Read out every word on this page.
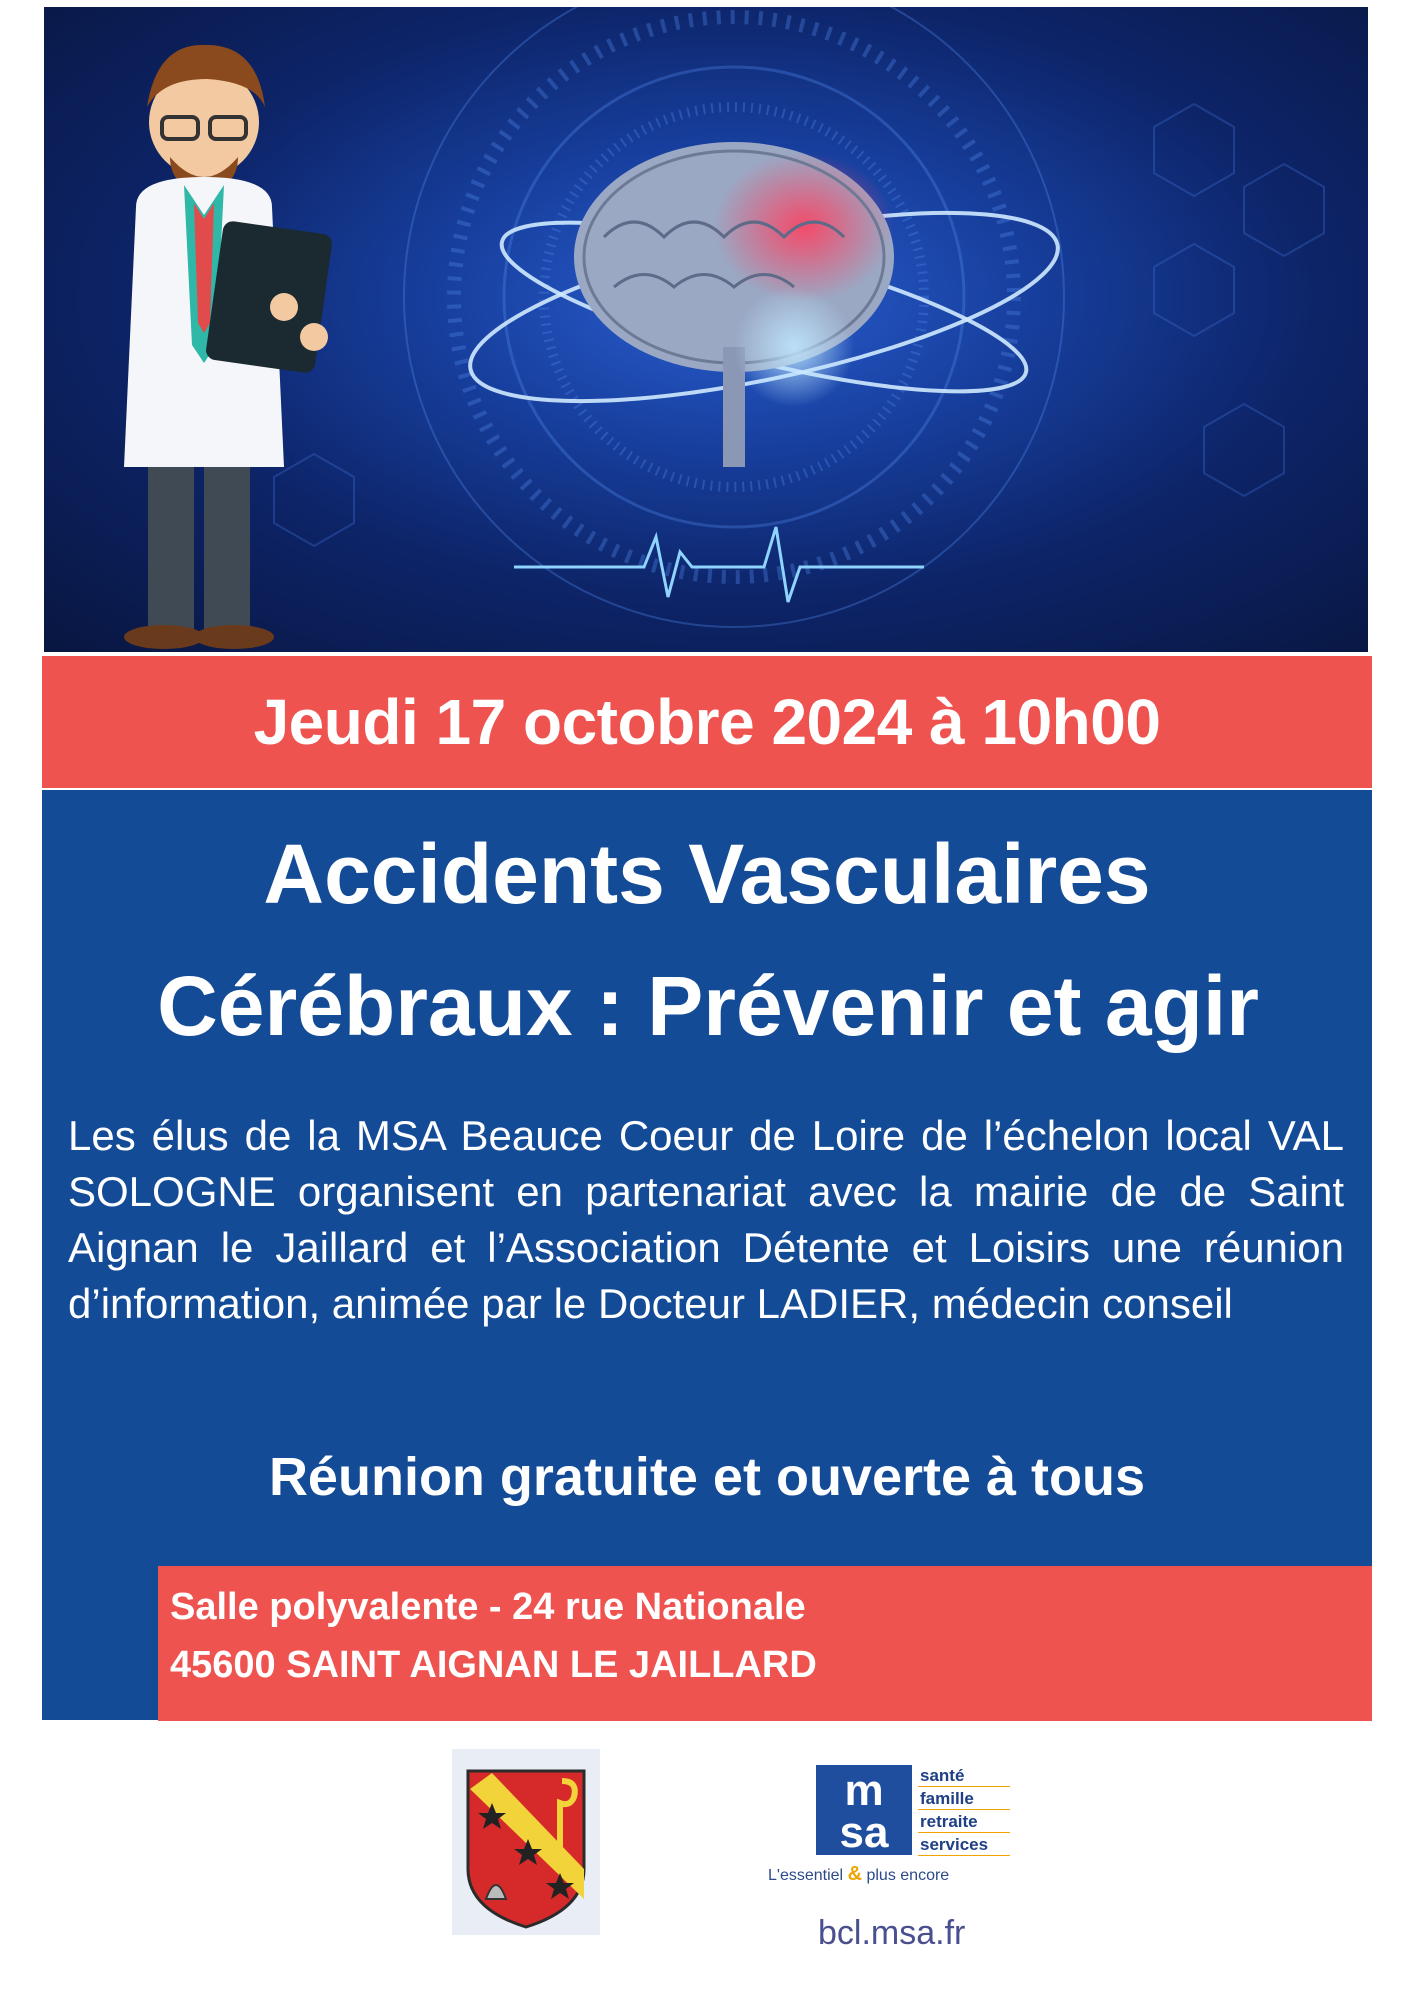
Jeudi 17 octobre 2024 à 10h00
Accidents Vasculaires
Cérébraux : Prévenir et agir
Les élus de la MSA Beauce Coeur de Loire de l’échelon local VAL SOLOGNE organisent en partenariat avec la mairie de de Saint Aignan le Jaillard et l’Association Détente et Loisirs une réunion d’information, animée par le Docteur LADIER, médecin conseil
Réunion gratuite et ouverte à tous
Salle polyvalente - 24 rue Nationale
45600 SAINT AIGNAN LE JAILLARD
m
sa
santé
famille
retraite
services
L'essentiel & plus encore
bcl.msa.fr
